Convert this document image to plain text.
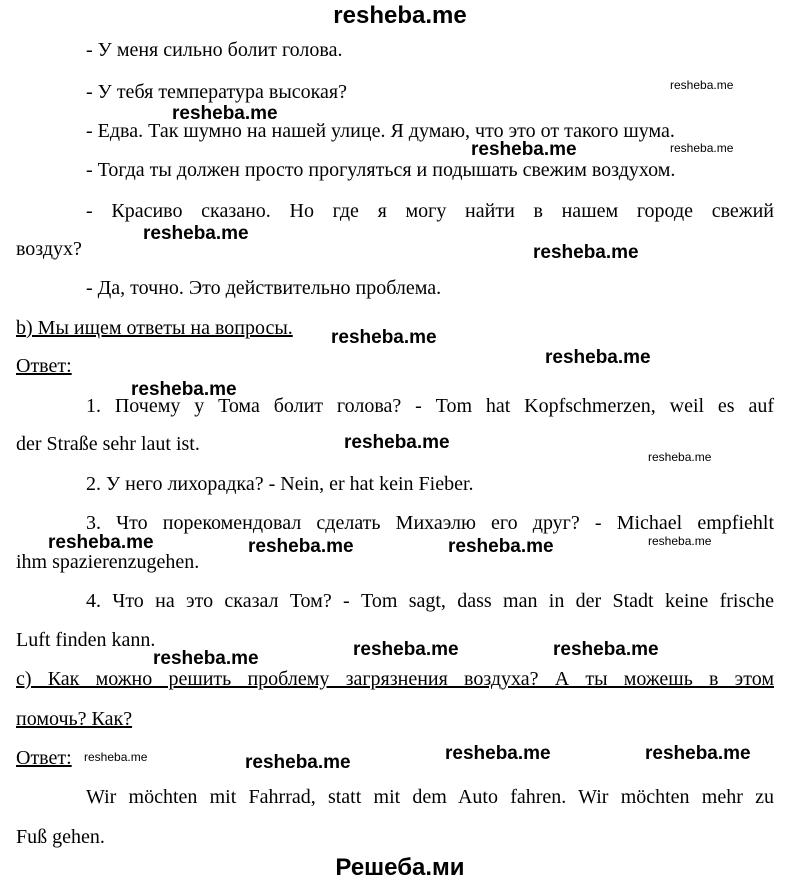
resheba.me
- У меня сильно болит голова.
- У тебя температура высокая?
- Едва. Так шумно на нашей улице. Я думаю, что это от такого шума.
- Тогда ты должен просто прогуляться и подышать свежим воздухом.
- Красиво сказано. Но где я могу найти в нашем городе свежий
воздух?
- Да, точно. Это действительно проблема.
b) Мы ищем ответы на вопросы.
Ответ:
1. Почему у Тома болит голова? - Tom hat Kopfschmerzen, weil es auf
der Straße sehr laut ist.
2. У него лихорадка? - Nein, er hat kein Fieber.
3. Что порекомендовал сделать Михаэлю его друг? - Michael empfiehlt
ihm spazierenzugehen.
4. Что на это сказал Том? - Tom sagt, dass man in der Stadt keine frische
Luft finden kann.
c) Как можно решить проблему загрязнения воздуха? А ты можешь в этом
помочь? Как?
Ответ:
Wir möchten mit Fahrrad, statt mit dem Auto fahren. Wir möchten mehr zu
Fuß gehen.
resheba.me
resheba.me
resheba.me
resheba.me
resheba.me
resheba.me
resheba.me
resheba.me
resheba.me	resheba.me	resheba.me
resheba.me	resheba.me	resheba.me
resheba.me	resheba.me	resheba.me
resheba.me
resheba.me
resheba.me
resheba.me
resheba.me
Решеба.ми
